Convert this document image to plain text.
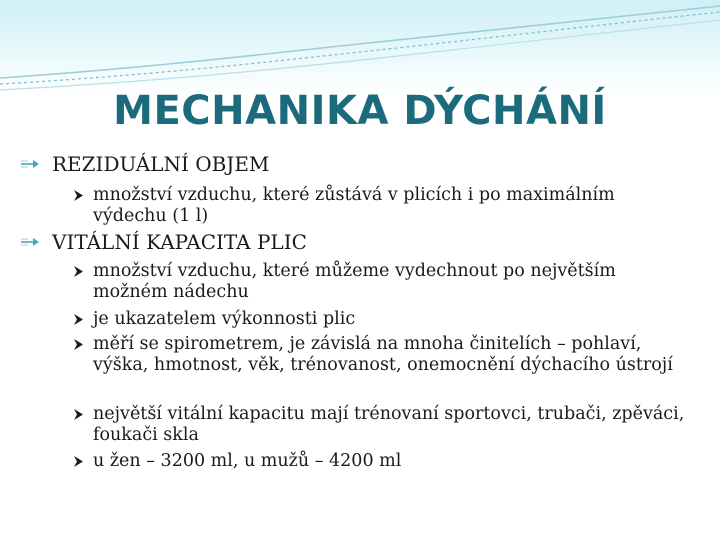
MECHANIKA DÝCHÁNÍ
REZIDUÁLNÍ OBJEM
množství vzduchu, které zůstává v plicích i po maximálním výdechu (1 l)
VITÁLNÍ KAPACITA PLIC
množství vzduchu, které můžeme vydechnout po největším možném nádechu
je ukazatelem výkonnosti plic
měří se spirometrem, je závislá na mnoha činitelích – pohlaví, výška, hmotnost, věk, trénovanost, onemocnění dýchacího ústrojí
největší vitální kapacitu mají trénovaní sportovci, trubači, zpěváci, foukači skla
u žen – 3200 ml, u mužů – 4200 ml
